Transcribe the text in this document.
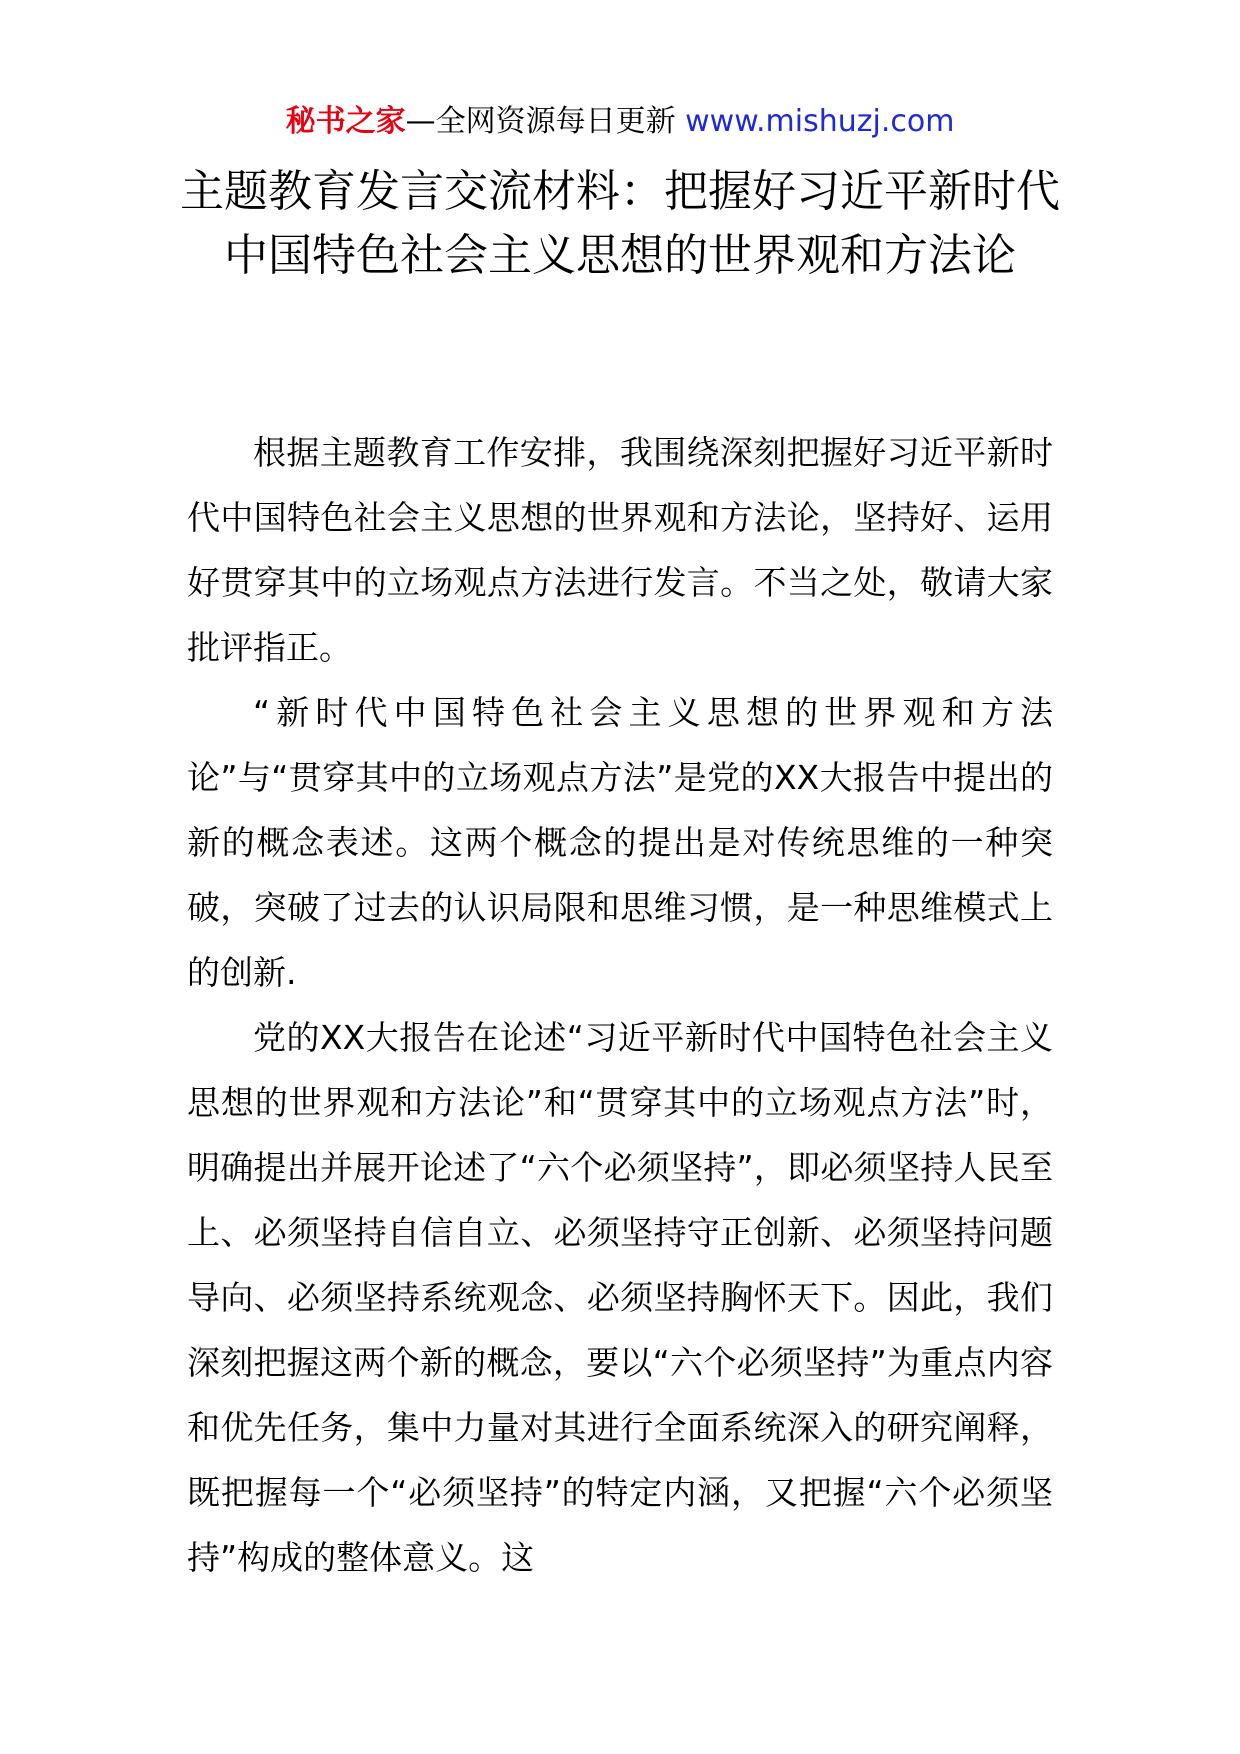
秘书之家—全网资源每日更新 www.mishuzj.com
主题教育发言交流材料：把握好习近平新时代中国特色社会主义思想的世界观和方法论

根据主题教育工作安排，我围绕深刻把握好习近平新时代中国特色社会主义思想的世界观和方法论，坚持好、运用好贯穿其中的立场观点方法进行发言。不当之处，敬请大家批评指正。

“新时代中国特色社会主义思想的世界观和方法论”与“贯穿其中的立场观点方法”是党的XX大报告中提出的新的概念表述。这两个概念的提出是对传统思维的一种突破，突破了过去的认识局限和思维习惯，是一种思维模式上的创新.

党的XX大报告在论述“习近平新时代中国特色社会主义思想的世界观和方法论”和“贯穿其中的立场观点方法”时，明确提出并展开论述了“六个必须坚持”，即必须坚持人民至上、必须坚持自信自立、必须坚持守正创新、必须坚持问题导向、必须坚持系统观念、必须坚持胸怀天下。因此，我们深刻把握这两个新的概念，要以“六个必须坚持”为重点内容和优先任务，集中力量对其进行全面系统深入的研究阐释，既把握每一个“必须坚持”的特定内涵，又把握“六个必须坚持”构成的整体意义。这
